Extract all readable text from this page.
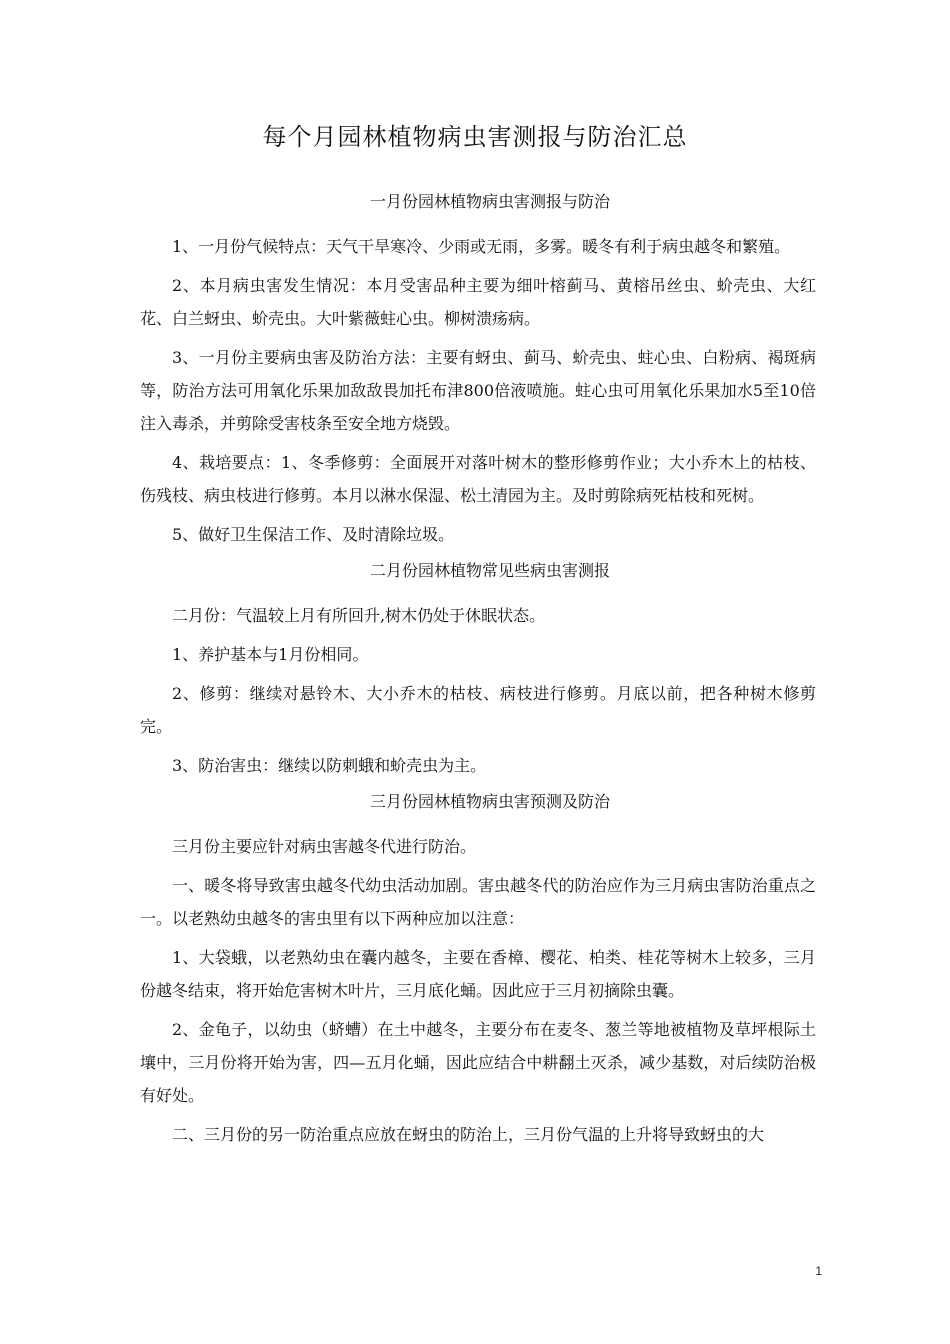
每个月园林植物病虫害测报与防治汇总
一月份园林植物病虫害测报与防治

1、一月份气候特点：天气干旱寒冷、少雨或无雨，多雾。暖冬有利于病虫越冬和繁殖。

2、本月病虫害发生情况：本月受害品种主要为细叶榕蓟马、黄榕吊丝虫、蚧壳虫、大红花、白兰蚜虫、蚧壳虫。大叶紫薇蛀心虫。柳树溃疡病。

3、一月份主要病虫害及防治方法：主要有蚜虫、蓟马、蚧壳虫、蛀心虫、白粉病、褐斑病等，防治方法可用氧化乐果加敌敌畏加托布津800倍液喷施。蛀心虫可用氧化乐果加水5至10倍注入毒杀，并剪除受害枝条至安全地方烧毁。

4、栽培要点：1、冬季修剪：全面展开对落叶树木的整形修剪作业；大小乔木上的枯枝、伤残枝、病虫枝进行修剪。本月以淋水保湿、松土清园为主。及时剪除病死枯枝和死树。

5、做好卫生保洁工作、及时清除垃圾。

二月份园林植物常见些病虫害测报

二月份：气温较上月有所回升,树木仍处于休眠状态。

1、养护基本与1月份相同。

2、修剪：继续对悬铃木、大小乔木的枯枝、病枝进行修剪。月底以前，把各种树木修剪完。

3、防治害虫：继续以防刺蛾和蚧壳虫为主。

三月份园林植物病虫害预测及防治

三月份主要应针对病虫害越冬代进行防治。

一、暖冬将导致害虫越冬代幼虫活动加剧。害虫越冬代的防治应作为三月病虫害防治重点之一。以老熟幼虫越冬的害虫里有以下两种应加以注意：

1、大袋蛾，以老熟幼虫在囊内越冬，主要在香樟、樱花、柏类、桂花等树木上较多，三月份越冬结束，将开始危害树木叶片，三月底化蛹。因此应于三月初摘除虫囊。

2、金龟子，以幼虫（蛴螬）在土中越冬，主要分布在麦冬、葱兰等地被植物及草坪根际土壤中，三月份将开始为害，四—五月化蛹，因此应结合中耕翻土灭杀，减少基数，对后续防治极有好处。

二、三月份的另一防治重点应放在蚜虫的防治上，三月份气温的上升将导致蚜虫的大

1
